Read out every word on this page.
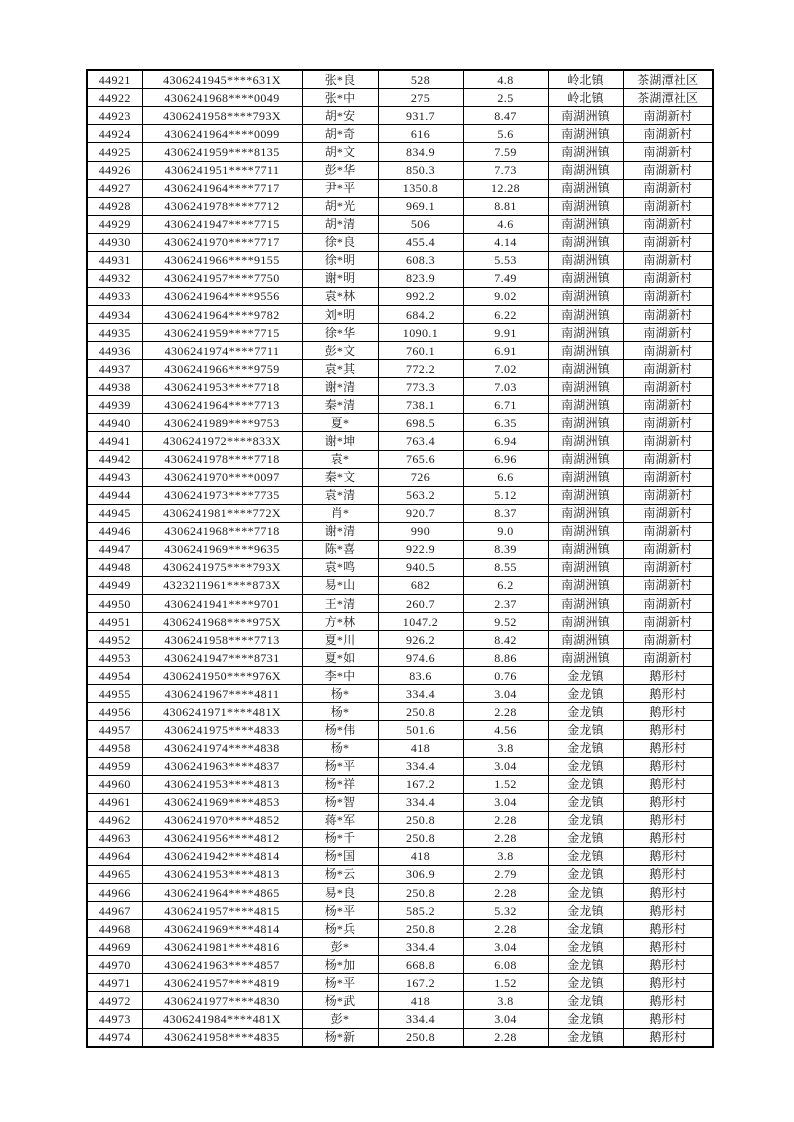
44921	4306241945****631X	张*良	528	4.8	岭北镇	茶湖潭社区
44922	4306241968****0049	张*中	275	2.5	岭北镇	茶湖潭社区
44923	4306241958****793X	胡*安	931.7	8.47	南湖洲镇	南湖新村
44924	4306241964****0099	胡*奇	616	5.6	南湖洲镇	南湖新村
44925	4306241959****8135	胡*文	834.9	7.59	南湖洲镇	南湖新村
44926	4306241951****7711	彭*华	850.3	7.73	南湖洲镇	南湖新村
44927	4306241964****7717	尹*平	1350.8	12.28	南湖洲镇	南湖新村
44928	4306241978****7712	胡*光	969.1	8.81	南湖洲镇	南湖新村
44929	4306241947****7715	胡*清	506	4.6	南湖洲镇	南湖新村
44930	4306241970****7717	徐*良	455.4	4.14	南湖洲镇	南湖新村
44931	4306241966****9155	徐*明	608.3	5.53	南湖洲镇	南湖新村
44932	4306241957****7750	谢*明	823.9	7.49	南湖洲镇	南湖新村
44933	4306241964****9556	袁*林	992.2	9.02	南湖洲镇	南湖新村
44934	4306241964****9782	刘*明	684.2	6.22	南湖洲镇	南湖新村
44935	4306241959****7715	徐*华	1090.1	9.91	南湖洲镇	南湖新村
44936	4306241974****7711	彭*文	760.1	6.91	南湖洲镇	南湖新村
44937	4306241966****9759	袁*其	772.2	7.02	南湖洲镇	南湖新村
44938	4306241953****7718	谢*清	773.3	7.03	南湖洲镇	南湖新村
44939	4306241964****7713	秦*清	738.1	6.71	南湖洲镇	南湖新村
44940	4306241989****9753	夏*	698.5	6.35	南湖洲镇	南湖新村
44941	4306241972****833X	谢*坤	763.4	6.94	南湖洲镇	南湖新村
44942	4306241978****7718	袁*	765.6	6.96	南湖洲镇	南湖新村
44943	4306241970****0097	秦*文	726	6.6	南湖洲镇	南湖新村
44944	4306241973****7735	袁*清	563.2	5.12	南湖洲镇	南湖新村
44945	4306241981****772X	肖*	920.7	8.37	南湖洲镇	南湖新村
44946	4306241968****7718	谢*清	990	9.0	南湖洲镇	南湖新村
44947	4306241969****9635	陈*喜	922.9	8.39	南湖洲镇	南湖新村
44948	4306241975****793X	袁*鸣	940.5	8.55	南湖洲镇	南湖新村
44949	4323211961****873X	易*山	682	6.2	南湖洲镇	南湖新村
44950	4306241941****9701	王*清	260.7	2.37	南湖洲镇	南湖新村
44951	4306241968****975X	方*林	1047.2	9.52	南湖洲镇	南湖新村
44952	4306241958****7713	夏*川	926.2	8.42	南湖洲镇	南湖新村
44953	4306241947****8731	夏*如	974.6	8.86	南湖洲镇	南湖新村
44954	4306241950****976X	李*中	83.6	0.76	金龙镇	鹅形村
44955	4306241967****4811	杨*	334.4	3.04	金龙镇	鹅形村
44956	4306241971****481X	杨*	250.8	2.28	金龙镇	鹅形村
44957	4306241975****4833	杨*伟	501.6	4.56	金龙镇	鹅形村
44958	4306241974****4838	杨*	418	3.8	金龙镇	鹅形村
44959	4306241963****4837	杨*平	334.4	3.04	金龙镇	鹅形村
44960	4306241953****4813	杨*祥	167.2	1.52	金龙镇	鹅形村
44961	4306241969****4853	杨*智	334.4	3.04	金龙镇	鹅形村
44962	4306241970****4852	蒋*军	250.8	2.28	金龙镇	鹅形村
44963	4306241956****4812	杨*千	250.8	2.28	金龙镇	鹅形村
44964	4306241942****4814	杨*国	418	3.8	金龙镇	鹅形村
44965	4306241953****4813	杨*云	306.9	2.79	金龙镇	鹅形村
44966	4306241964****4865	易*良	250.8	2.28	金龙镇	鹅形村
44967	4306241957****4815	杨*平	585.2	5.32	金龙镇	鹅形村
44968	4306241969****4814	杨*兵	250.8	2.28	金龙镇	鹅形村
44969	4306241981****4816	彭*	334.4	3.04	金龙镇	鹅形村
44970	4306241963****4857	杨*加	668.8	6.08	金龙镇	鹅形村
44971	4306241957****4819	杨*平	167.2	1.52	金龙镇	鹅形村
44972	4306241977****4830	杨*武	418	3.8	金龙镇	鹅形村
44973	4306241984****481X	彭*	334.4	3.04	金龙镇	鹅形村
44974	4306241958****4835	杨*新	250.8	2.28	金龙镇	鹅形村
